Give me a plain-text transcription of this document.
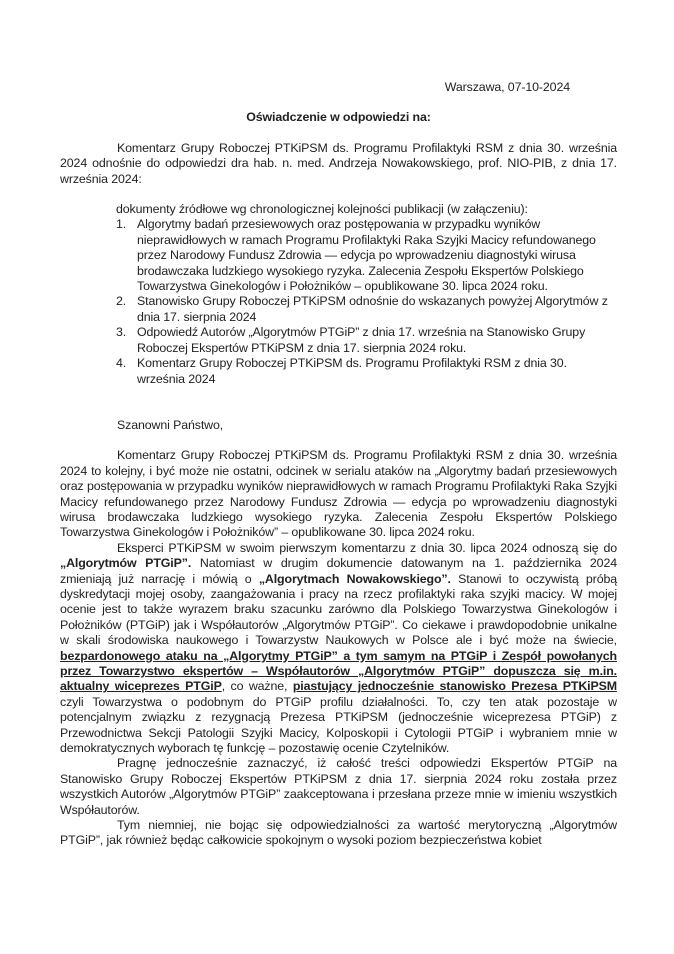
Warszawa, 07-10-2024
Oświadczenie w odpowiedzi na:

Komentarz Grupy Roboczej PTKiPSM ds. Programu Profilaktyki RSM z dnia 30. września 2024 odnośnie do odpowiedzi dra hab. n. med. Andrzeja Nowakowskiego, prof. NIO-PIB, z dnia 17. września 2024:

dokumenty źródłowe wg chronologicznej kolejności publikacji (w załączeniu):
1. Algorytmy badań przesiewowych oraz postępowania w przypadku wyników nieprawidłowych w ramach Programu Profilaktyki Raka Szyjki Macicy refundowanego przez Narodowy Fundusz Zdrowia — edycja po wprowadzeniu diagnostyki wirusa brodawczaka ludzkiego wysokiego ryzyka. Zalecenia Zespołu Ekspertów Polskiego Towarzystwa Ginekologów i Położników – opublikowane 30. lipca 2024 roku.
2. Stanowisko Grupy Roboczej PTKiPSM odnośnie do wskazanych powyżej Algorytmów z dnia 17. sierpnia 2024
3. Odpowiedź Autorów „Algorytmów PTGiP” z dnia 17. września na Stanowisko Grupy Roboczej Ekspertów PTKiPSM z dnia 17. sierpnia 2024 roku.
4. Komentarz Grupy Roboczej PTKiPSM ds. Programu Profilaktyki RSM z dnia 30. września 2024

Szanowni Państwo,

Komentarz Grupy Roboczej PTKiPSM ds. Programu Profilaktyki RSM z dnia 30. września 2024 to kolejny, i być może nie ostatni, odcinek w serialu ataków na „Algorytmy badań przesiewowych oraz postępowania w przypadku wyników nieprawidłowych w ramach Programu Profilaktyki Raka Szyjki Macicy refundowanego przez Narodowy Fundusz Zdrowia — edycja po wprowadzeniu diagnostyki wirusa brodawczaka ludzkiego wysokiego ryzyka. Zalecenia Zespołu Ekspertów Polskiego Towarzystwa Ginekologów i Położników” – opublikowane 30. lipca 2024 roku.

Eksperci PTKiPSM w swoim pierwszym komentarzu z dnia 30. lipca 2024 odnoszą się do „Algorytmów PTGiP”. Natomiast w drugim dokumencie datowanym na 1. października 2024 zmieniają już narrację i mówią o „Algorytmach Nowakowskiego”. Stanowi to oczywistą próbą dyskredytacji mojej osoby, zaangażowania i pracy na rzecz profilaktyki raka szyjki macicy. W mojej ocenie jest to także wyrazem braku szacunku zarówno dla Polskiego Towarzystwa Ginekologów i Położników (PTGiP) jak i Współautorów „Algorytmów PTGiP”. Co ciekawe i prawdopodobnie unikalne w skali środowiska naukowego i Towarzystw Naukowych w Polsce ale i być może na świecie, bezpardonowego ataku na „Algorytmy PTGiP” a tym samym na PTGiP i Zespół powołanych przez Towarzystwo ekspertów – Współautorów „Algorytmów PTGiP” dopuszcza się m.in. aktualny wiceprezes PTGiP, co ważne, piastujący jednocześnie stanowisko Prezesa PTKiPSM czyli Towarzystwa o podobnym do PTGiP profilu działalności. To, czy ten atak pozostaje w potencjalnym związku z rezygnacją Prezesa PTKiPSM (jednocześnie wiceprezesa PTGiP) z Przewodnictwa Sekcji Patologii Szyjki Macicy, Kolposkopii i Cytologii PTGiP i wybraniem mnie w demokratycznych wyborach tę funkcję – pozostawię ocenie Czytelników.

Pragnę jednocześnie zaznaczyć, iż całość treści odpowiedzi Ekspertów PTGiP na Stanowisko Grupy Roboczej Ekspertów PTKiPSM z dnia 17. sierpnia 2024 roku została przez wszystkich Autorów „Algorytmów PTGiP” zaakceptowana i przesłana przeze mnie w imieniu wszystkich Współautorów.

Tym niemniej, nie bojąc się odpowiedzialności za wartość merytoryczną „Algorytmów PTGiP”, jak również będąc całkowicie spokojnym o wysoki poziom bezpieczeństwa kobiet
